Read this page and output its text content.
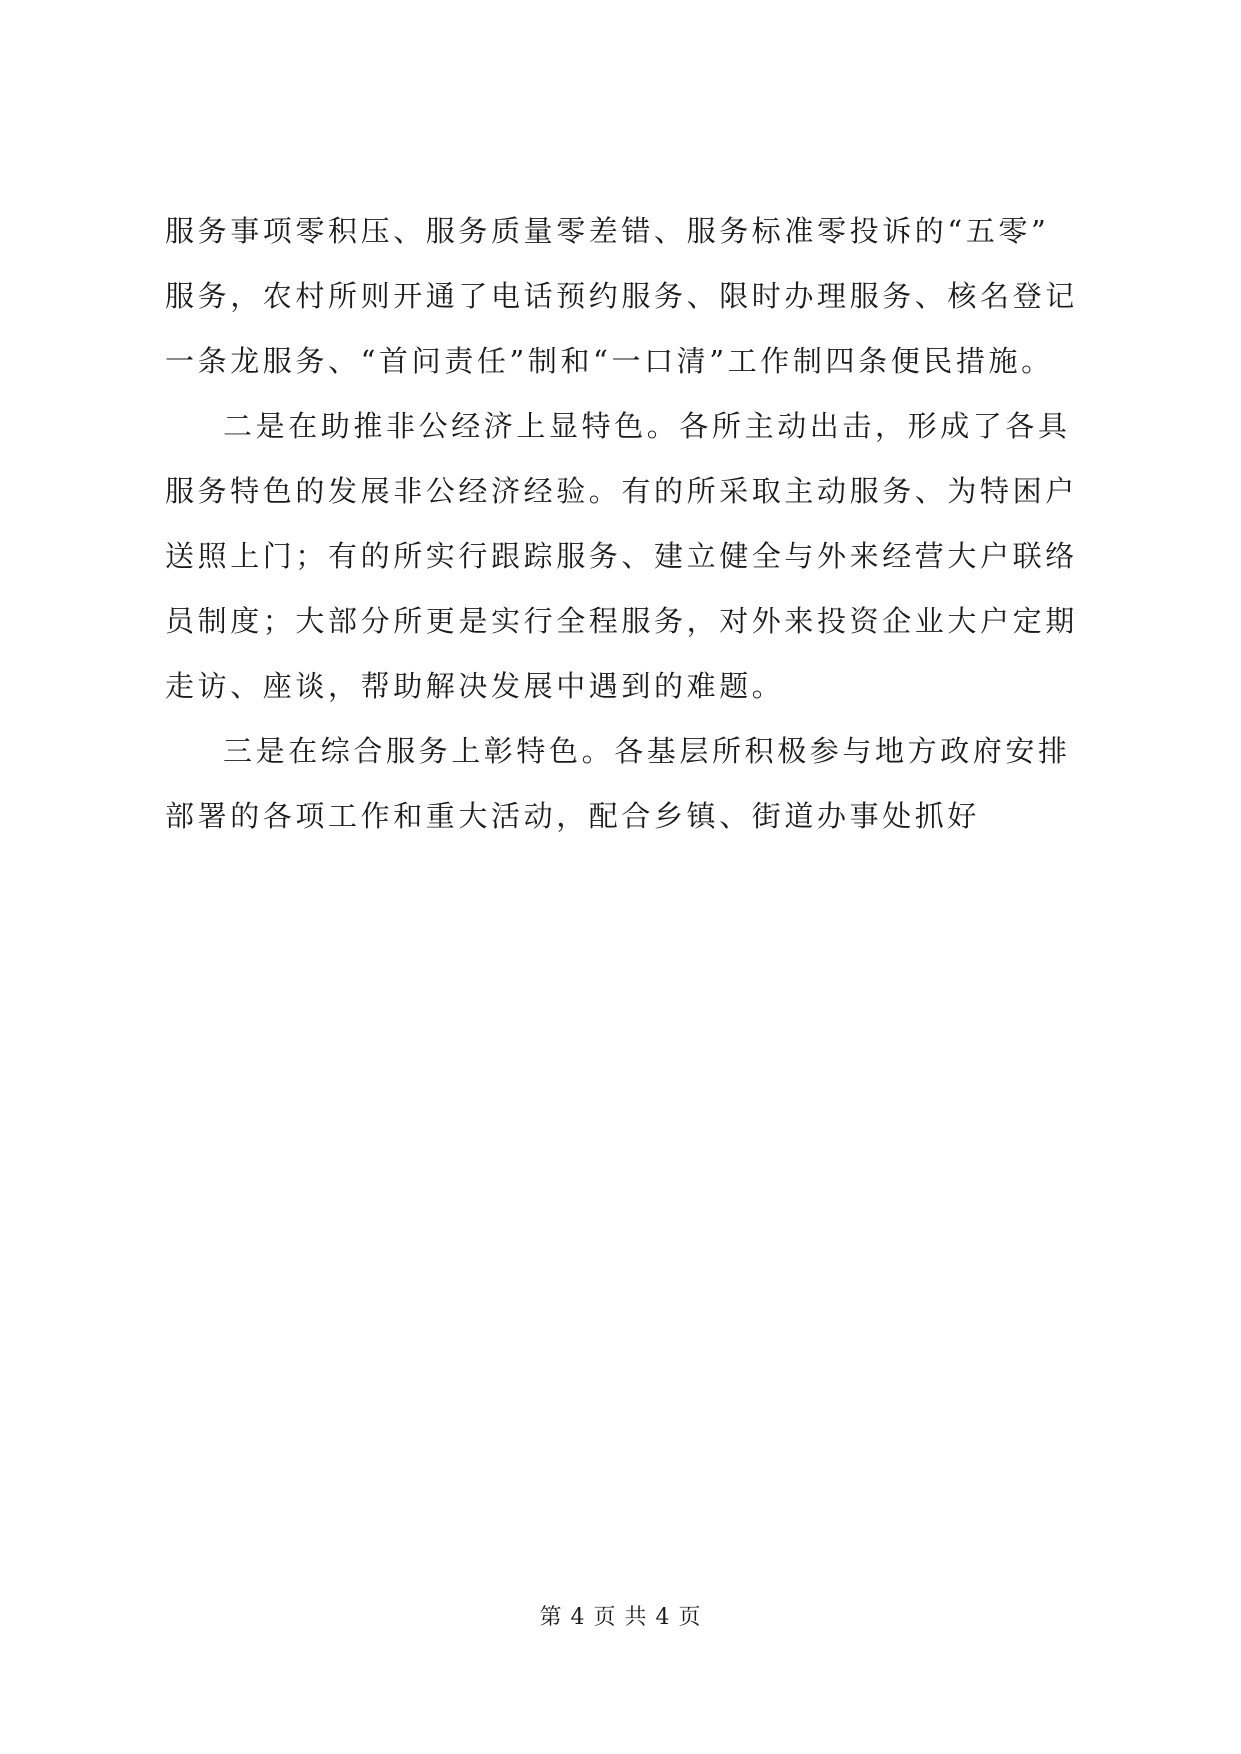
服务事项零积压、服务质量零差错、服务标准零投诉的“五零”
服务，农村所则开通了电话预约服务、限时办理服务、核名登记
一条龙服务、“首问责任”制和“一口清”工作制四条便民措施。
二是在助推非公经济上显特色。各所主动出击，形成了各具
服务特色的发展非公经济经验。有的所采取主动服务、为特困户
送照上门；有的所实行跟踪服务、建立健全与外来经营大户联络
员制度；大部分所更是实行全程服务，对外来投资企业大户定期
走访、座谈，帮助解决发展中遇到的难题。
三是在综合服务上彰特色。各基层所积极参与地方政府安排
部署的各项工作和重大活动，配合乡镇、街道办事处抓好
第 4 页 共 4 页
